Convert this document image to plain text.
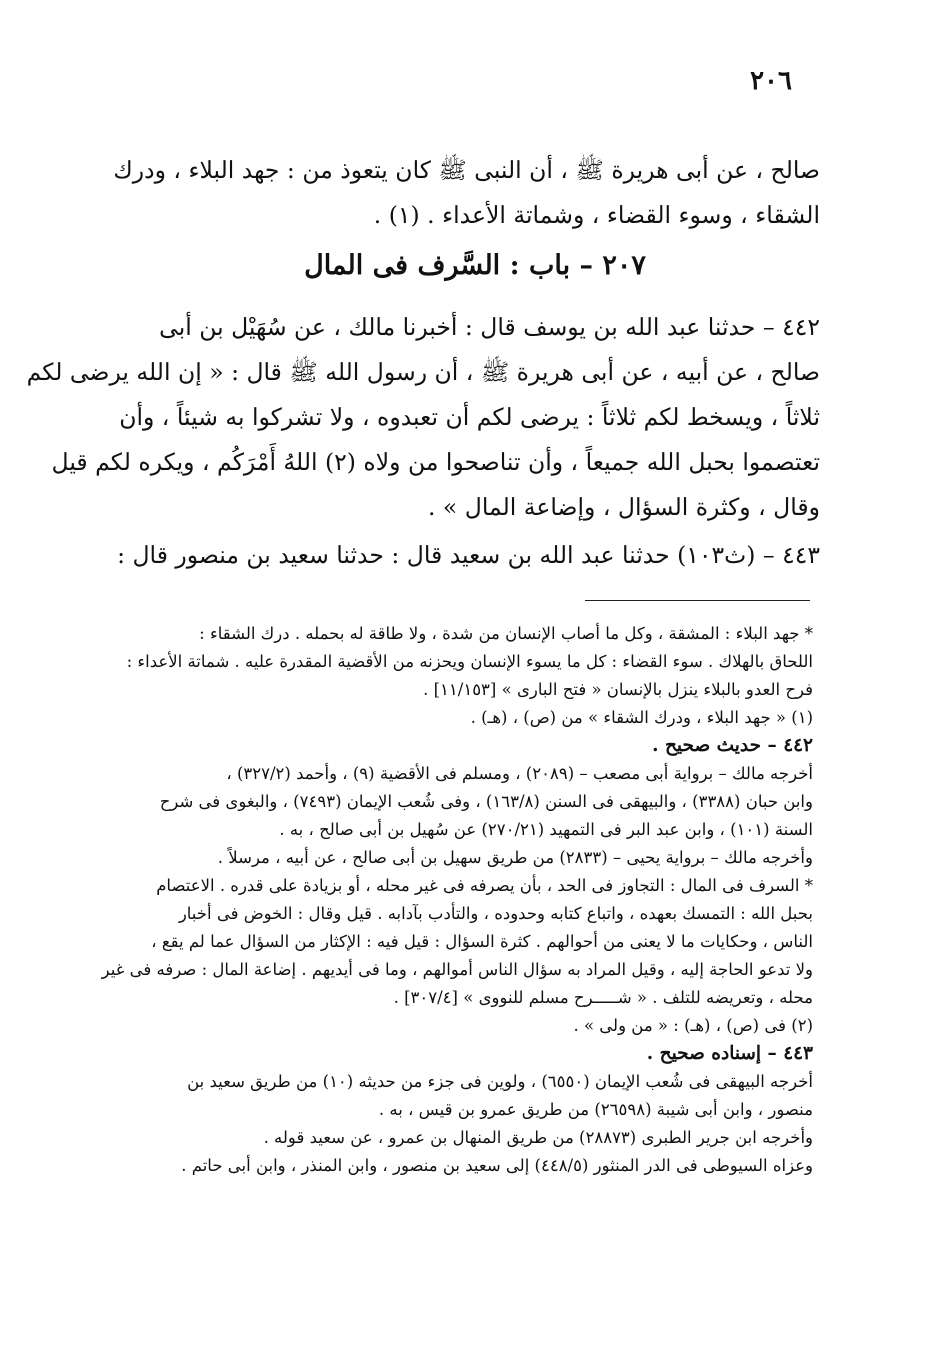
٢٠٦
صالح ، عن أبى هريرة ﷺ ، أن النبى ﷺ كان يتعوذ من : جهد البلاء ، ودرك
الشقاء ، وسوء القضاء ، وشماتة الأعداء . (١) .
٢٠٧ – باب : السَّرف فى المال
٤٤٢ – حدثنا عبد الله بن يوسف قال : أخبرنا مالك ، عن سُهَيْل بن أبى
صالح ، عن أبيه ، عن أبى هريرة ﷺ ، أن رسول الله ﷺ قال : « إن الله يرضى لكم
ثلاثاً ، ويسخط لكم ثلاثاً : يرضى لكم أن تعبدوه ، ولا تشركوا به شيئاً ، وأن
تعتصموا بحبل الله جميعاً ، وأن تناصحوا من ولاه (٢) اللهُ أَمْرَكُم ، ويكره لكم قيل
وقال ، وكثرة السؤال ، وإضاعة المال » .
٤٤٣ – (ث١٠٣) حدثنا عبد الله بن سعيد قال : حدثنا سعيد بن منصور قال :
* جهد البلاء : المشقة ، وكل ما أصاب الإنسان من شدة ، ولا طاقة له بحمله . درك الشقاء :
اللحاق بالهلاك . سوء القضاء : كل ما يسوء الإنسان ويحزنه من الأقضية المقدرة عليه . شماتة الأعداء :
فرح العدو بالبلاء ينزل بالإنسان « فتح البارى » [١١/١٥٣] .
(١) « جهد البلاء ، ودرك الشقاء » من (ص) ، (هـ) .
٤٤٢ – حديث صحيح .
أخرجه مالك – برواية أبى مصعب – (٢٠٨٩) ، ومسلم فى الأقضية (٩) ، وأحمد (٣٢٧/٢) ،
وابن حبان (٣٣٨٨) ، والبيهقى فى السنن (١٦٣/٨) ، وفى شُعب الإيمان (٧٤٩٣) ، والبغوى فى شرح
السنة (١٠١) ، وابن عبد البر فى التمهيد (٢٧٠/٢١) عن سُهيل بن أبى صالح ، به .
وأخرجه مالك – برواية يحيى – (٢٨٣٣) من طريق سهيل بن أبى صالح ، عن أبيه ، مرسلاً .
* السرف فى المال : التجاوز فى الحد ، بأن يصرفه فى غير محله ، أو بزيادة على قدره . الاعتصام
بحبل الله : التمسك بعهده ، واتباع كتابه وحدوده ، والتأدب بآدابه . قيل وقال : الخوض فى أخبار
الناس ، وحكايات ما لا يعنى من أحوالهم . كثرة السؤال : قيل فيه : الإكثار من السؤال عما لم يقع ،
ولا تدعو الحاجة إليه ، وقيل المراد به سؤال الناس أموالهم ، وما فى أيديهم . إضاعة المال : صرفه فى غير
محله ، وتعريضه للتلف . « شـــــرح مسلم للنووى » [٣٠٧/٤] .
(٢) فى (ص) ، (هـ) : « من ولى » .
٤٤٣ – إسناده صحيح .
أخرجه البيهقى فى شُعب الإيمان (٦٥٥٠) ، ولوين فى جزء من حديثه (١٠) من طريق سعيد بن
منصور ، وابن أبى شيبة (٢٦٥٩٨) من طريق عمرو بن قيس ، به .
وأخرجه ابن جرير الطبرى (٢٨٨٧٣) من طريق المنهال بن عمرو ، عن سعيد قوله .
وعزاه السيوطى فى الدر المنثور (٤٤٨/٥) إلى سعيد بن منصور ، وابن المنذر ، وابن أبى حاتم .
